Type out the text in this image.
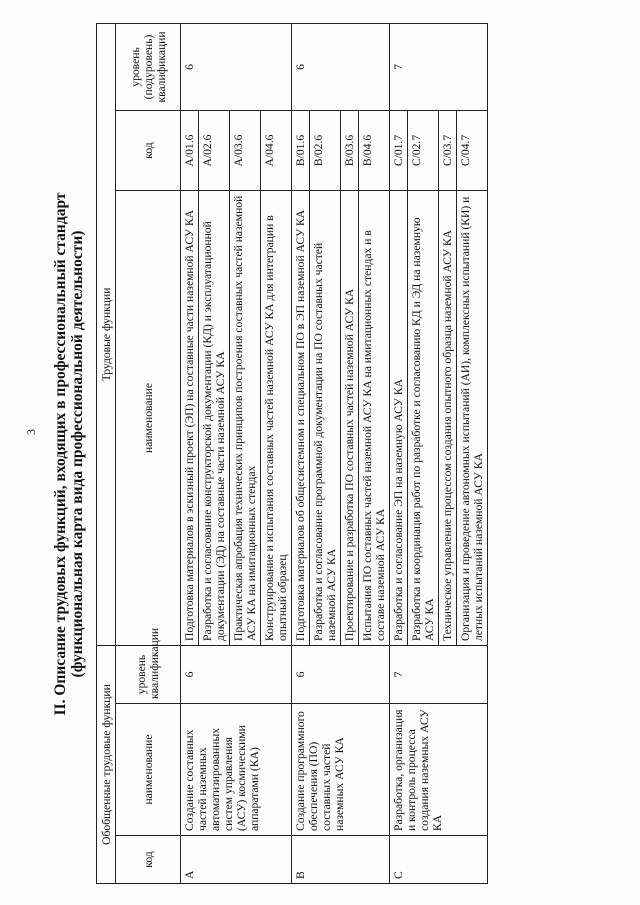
3 II. Описание трудовых функций, входящих в профессиональный стандарт (функциональная карта вида профессиональной деятельности)

Обобщенные трудовые функции			Трудовые функции		
код	наименование	уровень квалификации	наименование	код	уровень (подуровень) квалификации
A	Создание составных частей наземных автоматизированных систем управления (АСУ) космическими аппаратами (КА)	6	Подготовка материалов в эскизный проект (ЭП) на составные части наземной АСУ КА	A/01.6	6
			Разработка и согласование конструкторской документации (КД) и эксплуатационной документации (ЭД) на составные части наземной АСУ КА	A/02.6	
			Практическая апробация технических принципов построения составных частей наземной АСУ КА на имитационных стендах	A/03.6	
			Конструирование и испытания составных частей наземной АСУ КА для интеграции в опытный образец	A/04.6	
B	Создание программного обеспечения (ПО) составных частей наземных АСУ КА	6	Подготовка материалов об общесистемном и специальном ПО в ЭП наземной АСУ КА	B/01.6	6
			Разработка и согласование программной документации на ПО составных частей наземной АСУ КА	B/02.6	
			Проектирование и разработка ПО составных частей наземной АСУ КА	B/03.6	
			Испытания ПО составных частей наземной АСУ КА на имитационных стендах и в составе наземной АСУ КА	B/04.6	
C	Разработка, организация и контроль процесса создания наземных АСУ КА	7	Разработка и согласование ЭП на наземную АСУ КА	C/01.7	7
			Разработка и координация работ по разработке и согласованию КД и ЭД на наземную АСУ КА	C/02.7	
			Техническое управление процессом создания опытного образца наземной АСУ КА	C/03.7	
			Организация и проведение автономных испытаний (АИ), комплексных испытаний (КИ) и летных испытаний наземной АСУ КА	C/04.7	
